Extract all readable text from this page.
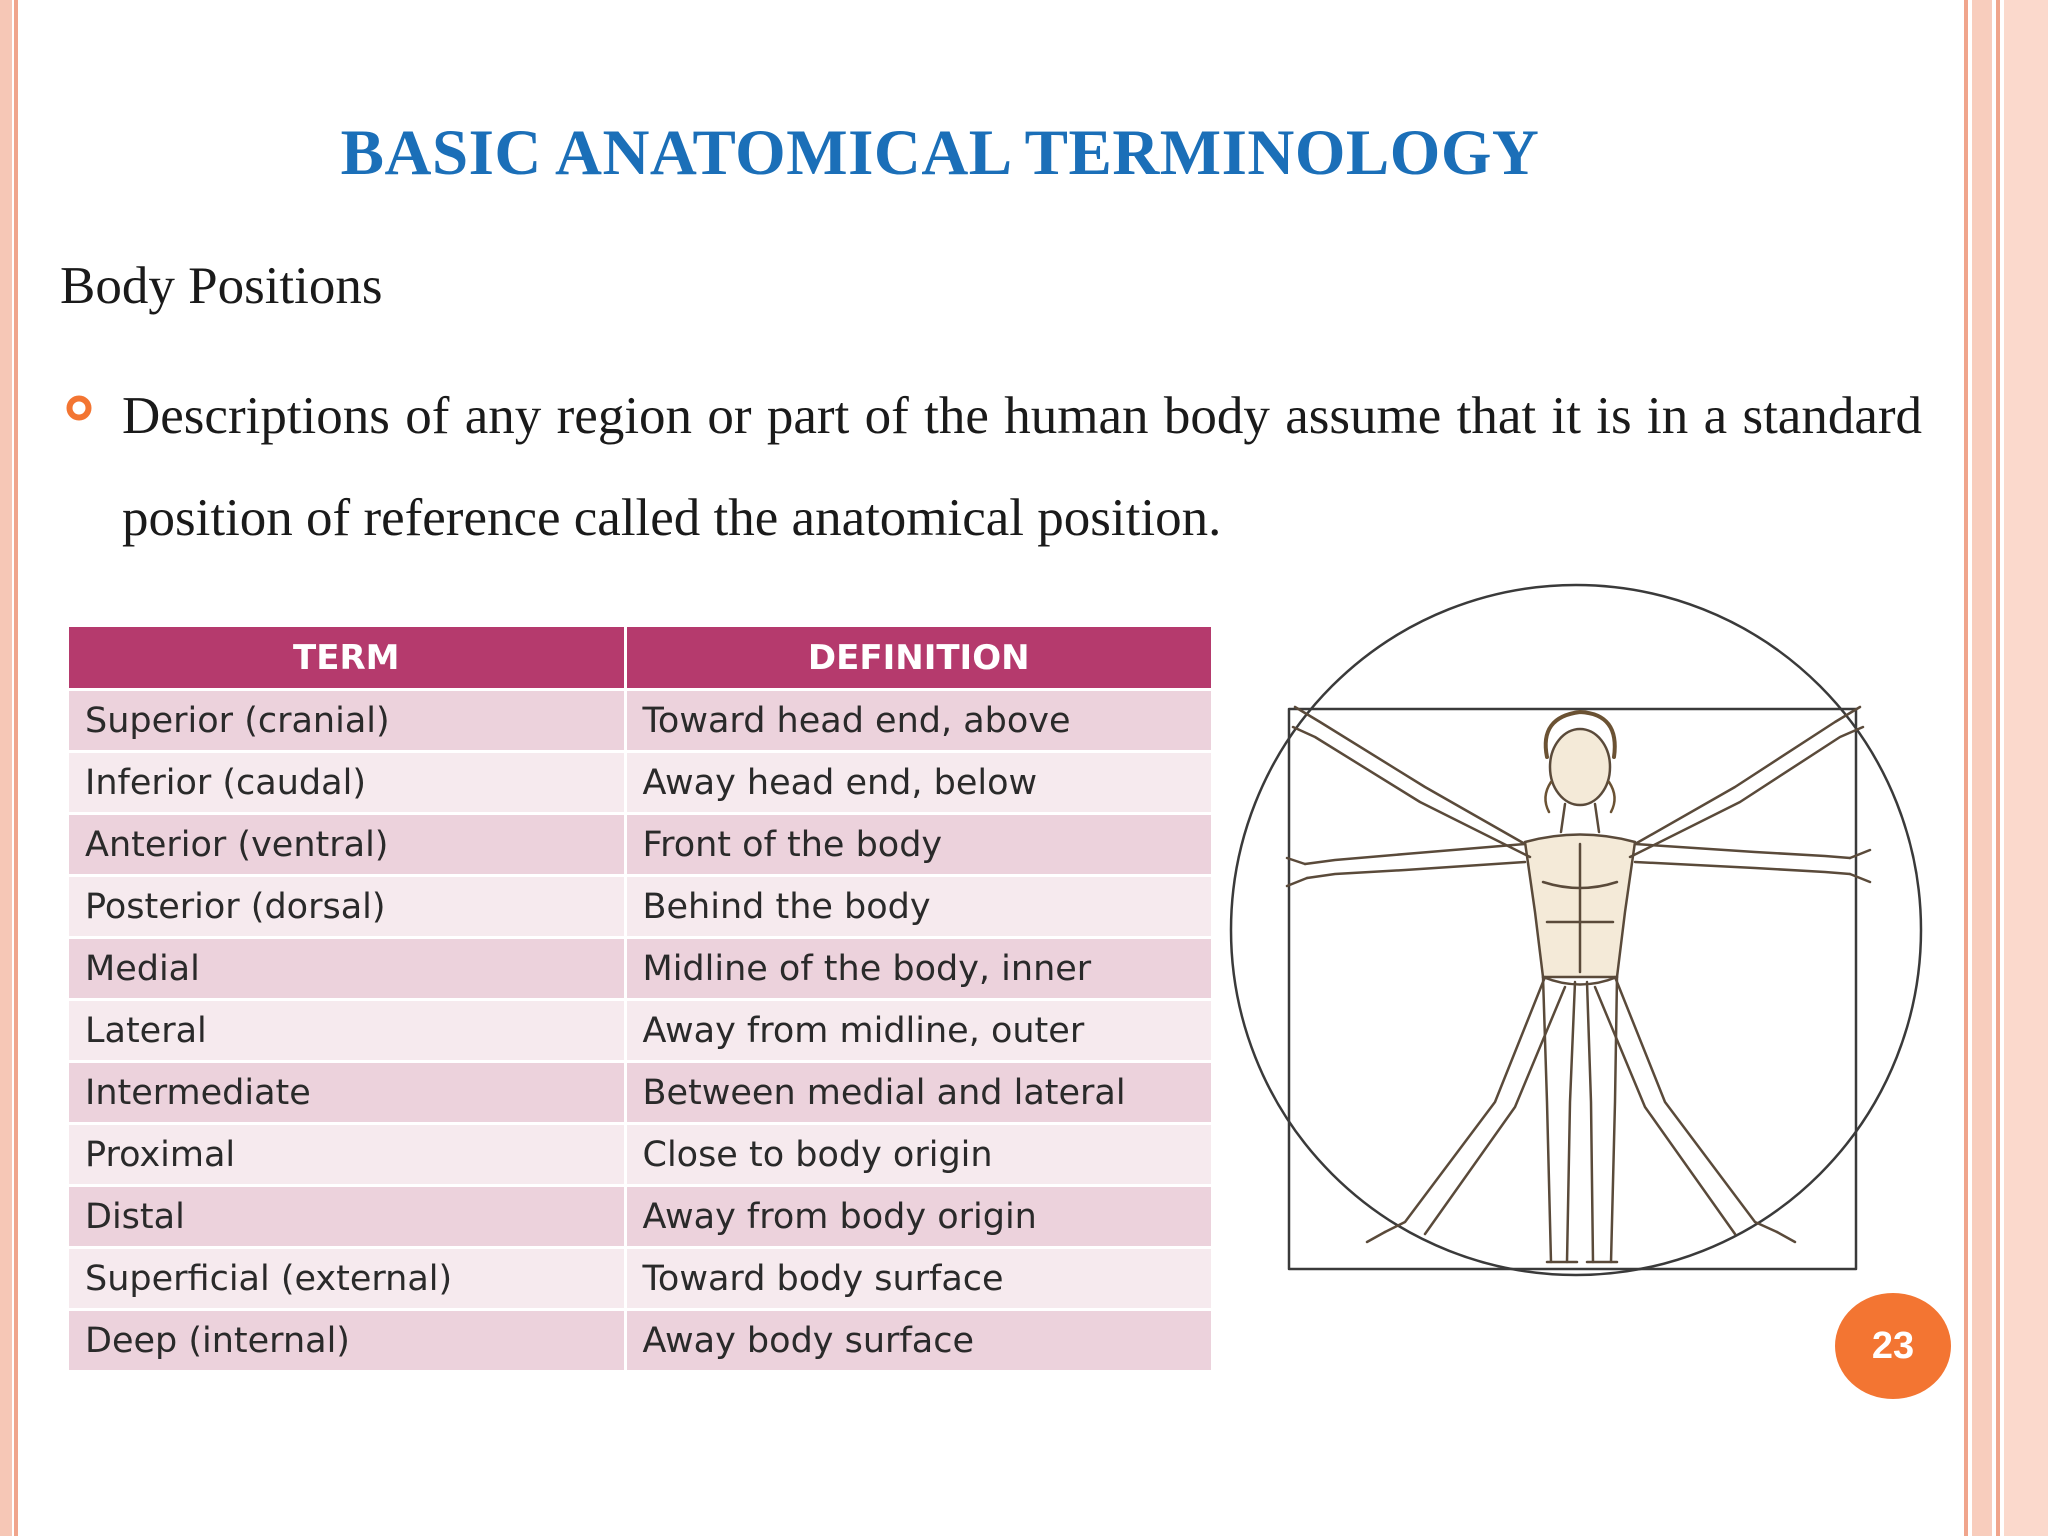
BASIC ANATOMICAL TERMINOLOGY
Body Positions
Descriptions of any region or part of the human body assume that it is in a standard position of reference called the anatomical position.
TERM	DEFINITION
Superior (cranial)	Toward head end, above
Inferior (caudal)	Away head end, below
Anterior (ventral)	Front of the body
Posterior (dorsal)	Behind the body
Medial	Midline of the body, inner
Lateral	Away from midline, outer
Intermediate	Between medial and lateral
Proximal	Close to body origin
Distal	Away from body origin
Superficial (external)	Toward body surface
Deep (internal)	Away body surface	23
